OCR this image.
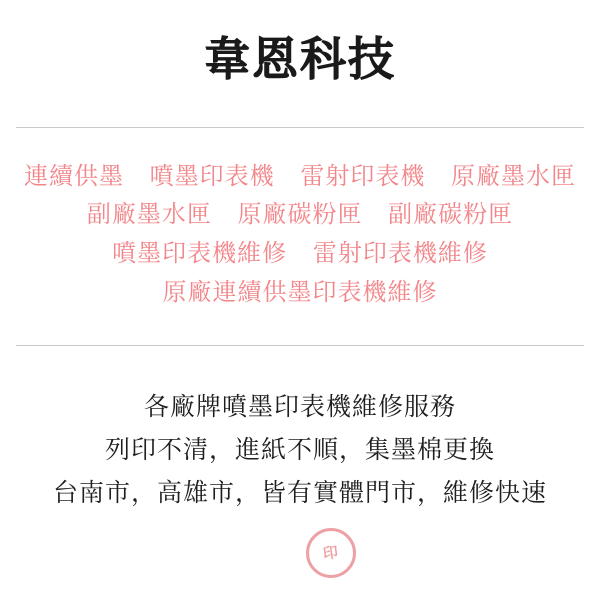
韋恩科技
連續供墨 噴墨印表機 雷射印表機 原廠墨水匣
副廠墨水匣 原廠碳粉匣 副廠碳粉匣
噴墨印表機維修 雷射印表機維修
原廠連續供墨印表機維修
各廠牌噴墨印表機維修服務
列印不清，進紙不順，集墨棉更換
台南市，高雄市，皆有實體門市，維修快速
印
